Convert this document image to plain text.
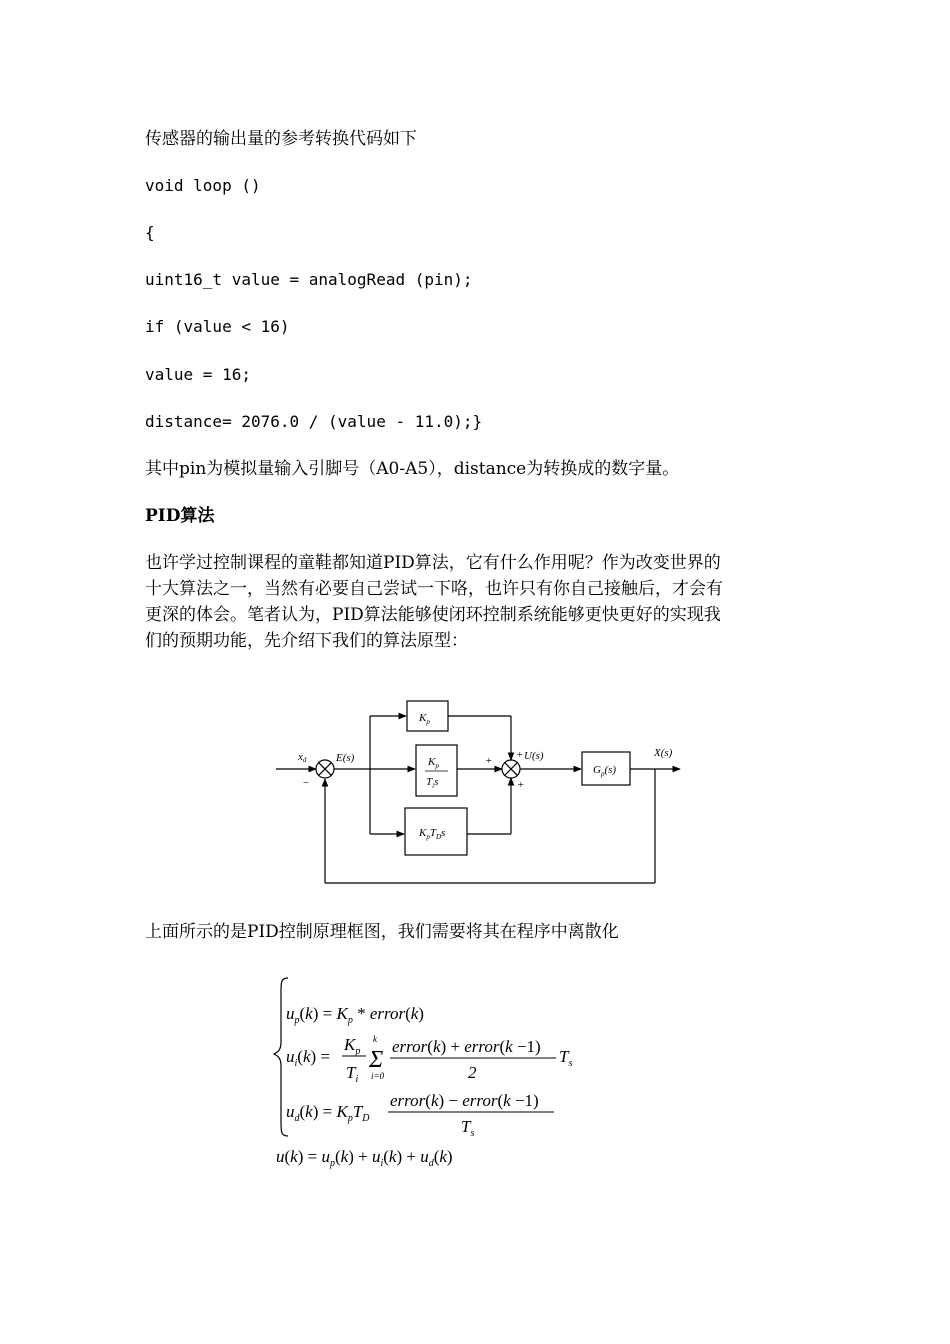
传感器的输出量的参考转换代码如下
void loop ()
{
uint16_t value = analogRead (pin);
if (value < 16)
value = 16;
distance= 2076.0 / (value - 11.0);}
其中pin为模拟量输入引脚号（A0-A5），distance为转换成的数字量。
PID算法
也许学过控制课程的童鞋都知道PID算法，它有什么作用呢？作为改变世界的
十大算法之一，当然有必要自己尝试一下咯，也许只有你自己接触后，才会有
更深的体会。笔者认为，PID算法能够使闭环控制系统能够更快更好的实现我
们的预期功能，先介绍下我们的算法原型：
xd
−
E(s)
$K_p$
$K_p$
$T_is$
$K_pT_Ds$
+ +
+
U(s)
$G_p(s)$
X(s)
上面所示的是PID控制原理框图，我们需要将其在程序中离散化
$u_p(k) = K_p$ * error(k)
$u_i(k)$ =
$K_p$
$T_i$
k
Σ
i=0
error(k) + error(k −1)
2
$T_s$
$u_d(k) = K_pT_D$
error(k) − error(k −1)
$T_s$
$u(k) = u_p(k) + u_i(k) + u_d(k)$
